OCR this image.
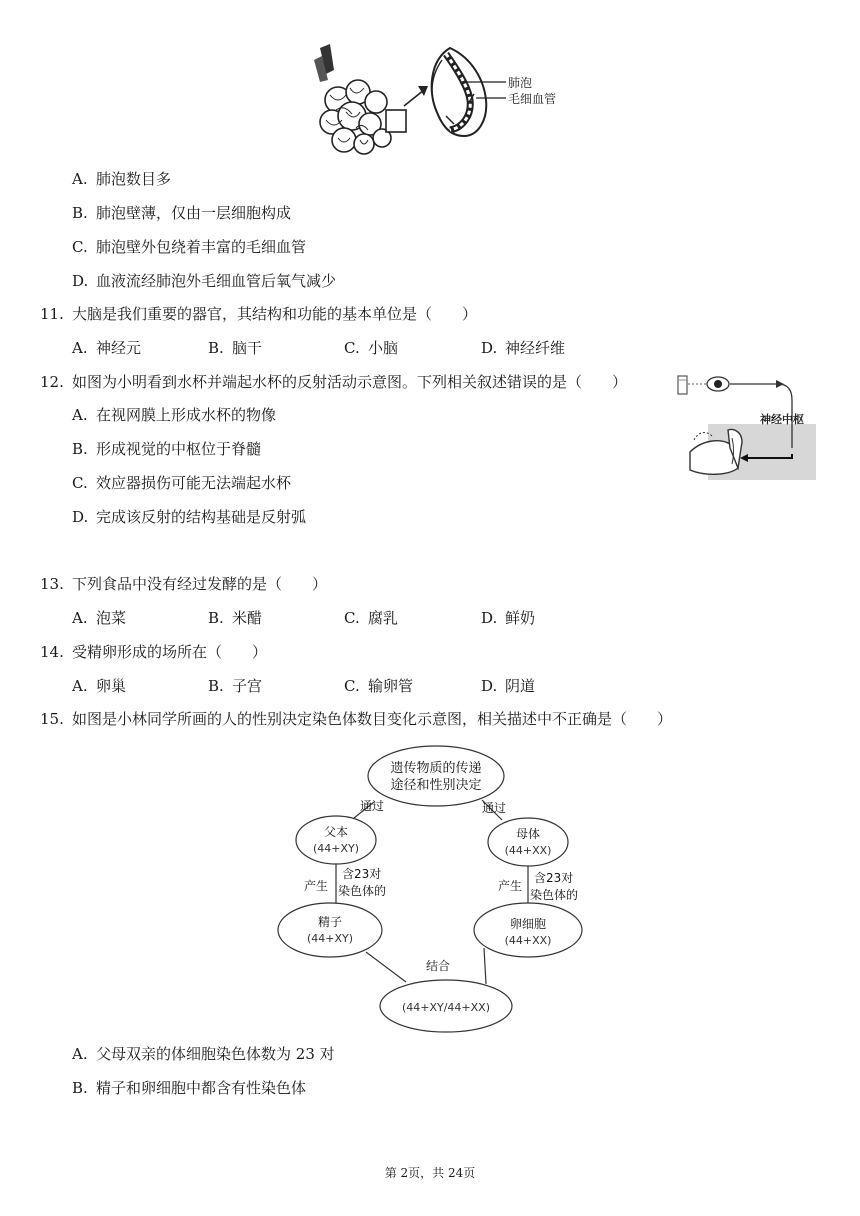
肺泡
毛细血管
A. 肺泡数目多
B. 肺泡壁薄，仅由一层细胞构成
C. 肺泡壁外包绕着丰富的毛细血管
D. 血液流经肺泡外毛细血管后氧气减少
11. 大脑是我们重要的器官，其结构和功能的基本单位是（　　）
A. 神经元	B. 脑干	C. 小脑	D. 神经纤维
12. 如图为小明看到水杯并端起水杯的反射活动示意图。下列相关叙述错误的是（　　）
A. 在视网膜上形成水杯的物像
B. 形成视觉的中枢位于脊髓
C. 效应器损伤可能无法端起水杯
D. 完成该反射的结构基础是反射弧
神经中枢
13. 下列食品中没有经过发酵的是（　　）
A. 泡菜	B. 米醋	C. 腐乳	D. 鲜奶
14. 受精卵形成的场所在（　　）
A. 卵巢	B. 子宫	C. 输卵管	D. 阴道
15. 如图是小林同学所画的人的性别决定染色体数目变化示意图，相关描述中不正确是（　　）
遗传物质的传递
途径和性别决定
通过	通过
父本
(44+XY)
母体
(44+XX)
产生
含23对
染色体的	产生
含23对
染色体的
精子
(44+XY)
卵细胞
(44+XX)
结合
(44+XY/44+XX)
A. 父母双亲的体细胞染色体数为 23 对
B. 精子和卵细胞中都含有性染色体
第 2页，共 24页
